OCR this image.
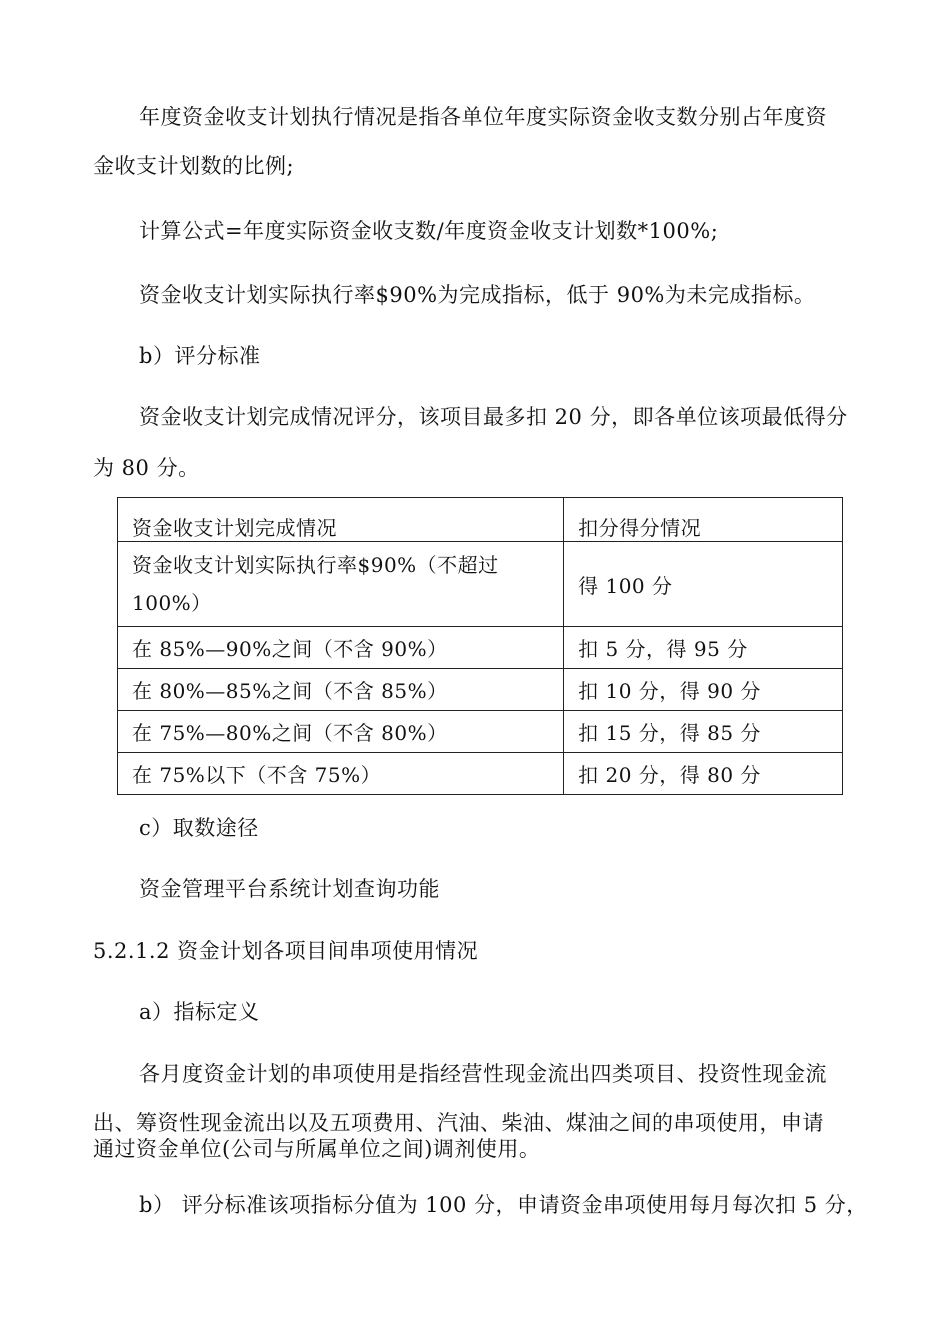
年度资金收支计划执行情况是指各单位年度实际资金收支数分别占年度资
金收支计划数的比例;
计算公式=年度实际资金收支数/年度资金收支计划数*100%;
资金收支计划实际执行率$90%为完成指标，低于 90%为未完成指标。
b）评分标准
资金收支计划完成情况评分，该项目最多扣 20 分，即各单位该项最低得分
为 80 分。
资金收支计划完成情况	扣分得分情况

资金收支计划实际执行率$90%（不超过
100%）	得 100 分
在 85%—90%之间（不含 90%）	扣 5 分，得 95 分
在 80%—85%之间（不含 85%）	扣 10 分，得 90 分
在 75%—80%之间（不含 80%）	扣 15 分，得 85 分
在 75%以下（不含 75%）	扣 20 分，得 80 分
c）取数途径
资金管理平台系统计划查询功能
5.2.1.2 资金计划各项目间串项使用情况
a）指标定义
各月度资金计划的串项使用是指经营性现金流出四类项目、投资性现金流
出、筹资性现金流出以及五项费用、汽油、柴油、煤油之间的串项使用，申请
通过资金单位(公司与所属单位之间)调剂使用。
b） 评分标准该项指标分值为 100 分，申请资金串项使用每月每次扣 5 分，
